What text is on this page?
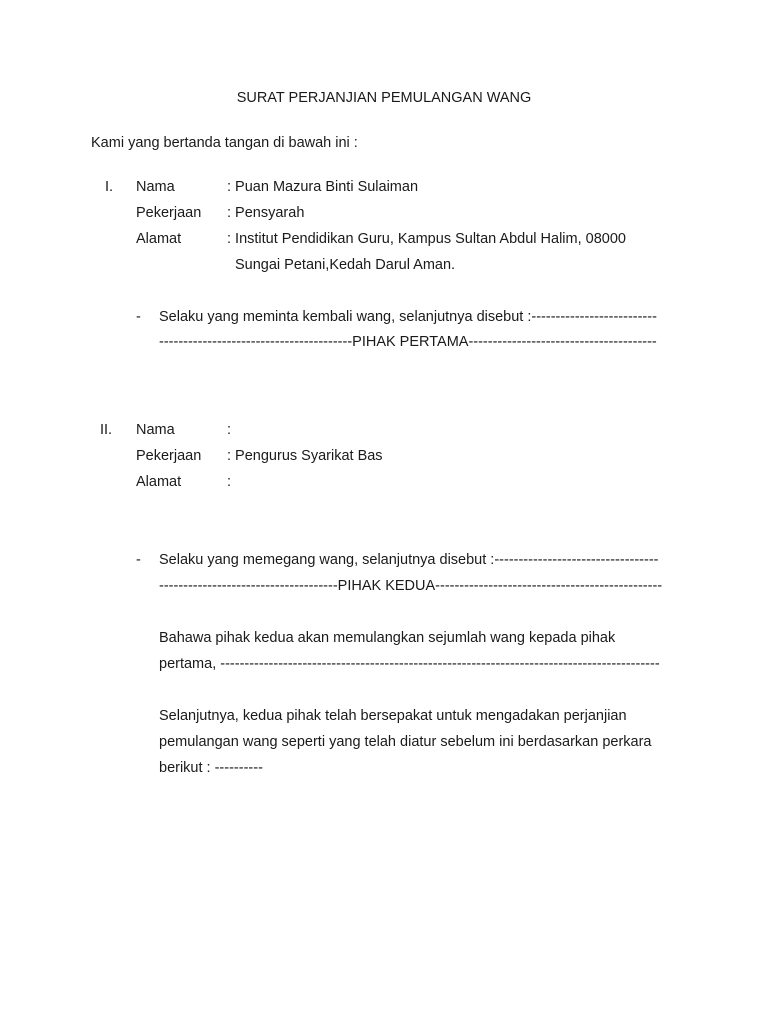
SURAT PERJANJIAN PEMULANGAN WANG
Kami yang bertanda tangan di bawah ini :
I. Nama	: Puan Mazura Binti Sulaiman
Pekerjaan : Pensyarah
Alamat	: Institut Pendidikan Guru, Kampus Sultan Abdul Halim, 08000
Sungai Petani,Kedah Darul Aman.
- Selaku yang meminta kembali wang, selanjutnya disebut :--------------------------
----------------------------------------PIHAK PERTAMA---------------------------------------
II. Nama	:
Pekerjaan : Pengurus Syarikat Bas
Alamat	:
- Selaku yang memegang wang, selanjutnya disebut :----------------------------------
-------------------------------------PIHAK KEDUA-----------------------------------------------
Bahawa pihak kedua akan memulangkan sejumlah wang kepada pihak
pertama, -------------------------------------------------------------------------------------------
Selanjutnya, kedua pihak telah bersepakat untuk mengadakan perjanjian
pemulangan wang seperti yang telah diatur sebelum ini berdasarkan perkara
berikut : ----------
